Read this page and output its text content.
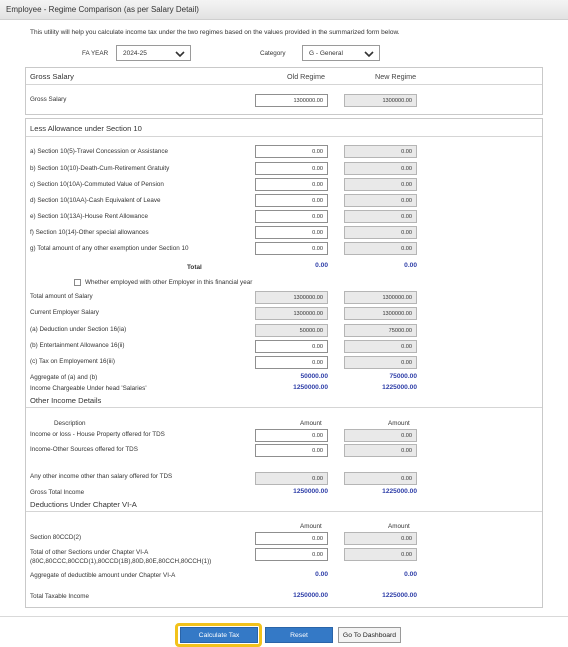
Employee - Regime Comparison (as per Salary Detail)
This utility will help you calculate income tax under the two regimes based on the values provided in the summarized form below.
FA YEAR	2024-25	Category	G - General
Gross Salary	Old Regime	New Regime
Gross Salary	1300000.00	1300000.00
Less Allowance under Section 10
a) Section 10(5)-Travel Concession or Assistance	0.00	0.00
b) Section 10(10)-Death-Cum-Retirement Gratuity	0.00	0.00
c) Section 10(10A)-Commuted Value of Pension	0.00	0.00
d) Section 10(10AA)-Cash Equivalent of Leave	0.00	0.00
e) Section 10(13A)-House Rent Allowance	0.00	0.00
f) Section 10(14)-Other special allowances	0.00	0.00
g) Total amount of any other exemption under Section 10	0.00	0.00
Total	0.00	0.00
Whether employed with other Employer in this financial year
Total amount of Salary	1300000.00	1300000.00
Current Employer Salary	1300000.00	1300000.00
(a) Deduction under Section 16(ia)	50000.00	75000.00
(b) Entertainment Allowance 16(ii)	0.00	0.00
(c) Tax on Employement 16(iii)	0.00	0.00
Aggregate of (a) and (b)	50000.00	75000.00
Income Chargeable Under head 'Salaries'	1250000.00	1225000.00
Other Income Details
Description	Amount	Amount
Income or loss - House Property offered for TDS	0.00	0.00
Income-Other Sources offered for TDS	0.00	0.00
Any other income other than salary offered for TDS	0.00	0.00
Gross Total Income	1250000.00	1225000.00
Deductions Under Chapter VI-A
Amount	Amount
Section 80CCD(2)	0.00	0.00
Total of other Sections under Chapter VI-A
(80C,80CCC,80CCD(1),80CCD(1B),80D,80E,80CCH,80CCH(1))
0.00	0.00
Aggregate of deductible amount under Chapter VI-A	0.00	0.00
Total Taxable Income	1250000.00	1225000.00
Calculate Tax	Reset	Go To Dashboard
